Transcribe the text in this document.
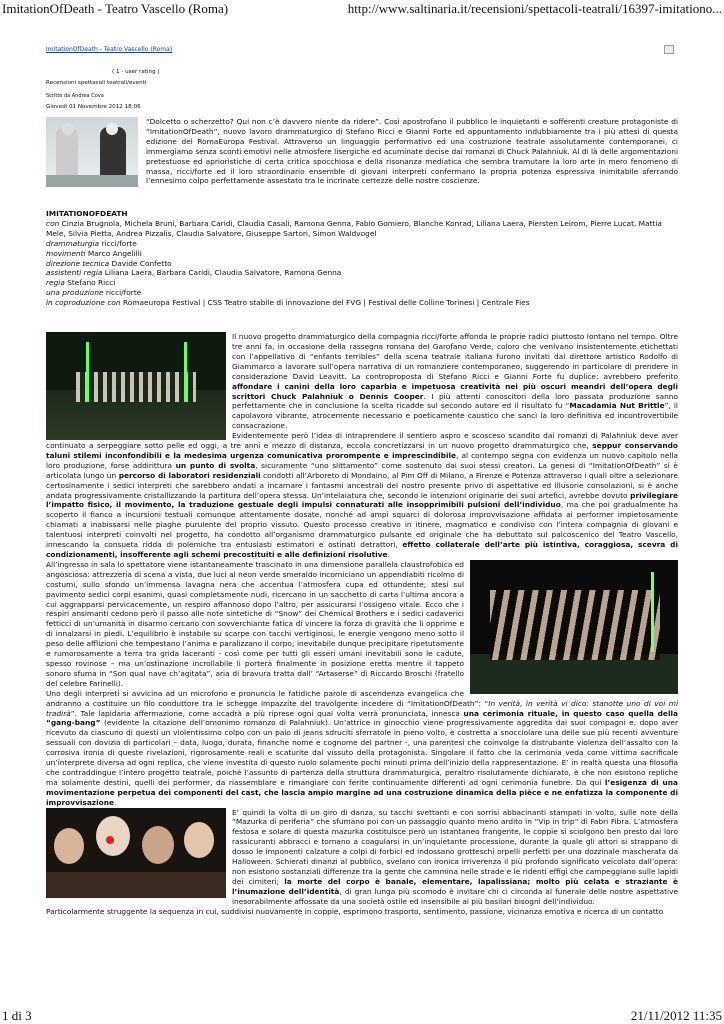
ImitationOfDeath - Teatro Vascello (Roma)	http://www.saltinaria.it/recensioni/spettacoli-teatrali/16397-imitationo...
ImitationOfDeath - Teatro Vascello (Roma)
( 1 - user rating )
Recensioni spettacoli teatrali/eventi
Scritto da Andrea Cova
Giovedì 01 Novembre 2012 18:06

“Dolcetto o scherzetto? Qui non c’è davvero niente da ridere”. Così apostrofano il pubblico le inquietanti e sofferenti creature protagoniste di “ImitationOfDeath”, nuovo lavoro drammaturgico di Stefano Ricci e Gianni Forte ed appuntamento indubbiamente tra i più attesi di questa edizione del RomaEuropa Festival. Attraverso un linguaggio performativo ed una costruzione teatrale assolutamente contemporanei, ci immergiamo senza sconti emotivi nelle atmosfere lisergiche ed acuminate decise dai romanzi di Chuck Palahniuk. Al di là delle argomentazioni pretestuose ed apriorìstiche di certa critica spocchiosa e della risonanza mediatica che sembra tramutare la loro arte in mero fenomeno di massa, ricci/forte ed il loro straordinario ensemble di giovani interpreti confermano la propria potenza espressiva inimitabile sferrando l’ennesimo colpo perfettamente assestato tra le incrinate certezze delle nostre coscienze.

IMITATIONOFDEATH

con Cinzia Brugnola, Michela Bruni, Barbara Caridi, Claudia Casali, Ramona Genna, Fabio Gomiero, Blanche Konrad, Liliana Laera, Piersten Leirom, Pierre Lucat, Mattia Mele, Silvia Pietta, Andrea Pizzalis, Claudia Salvatore, Giuseppe Sartori, Simon Waldvogel

drammaturgia ricci/forte

movimenti Marco Angelilli

direzione tecnica Davide Confetto

assistenti regia Liliana Laera, Barbara Caridi, Claudia Salvatore, Ramona Genna

regia Stefano Ricci

una produzione ricci/forte

in coproduzione con Romaeuropa Festival | CSS Teatro stabile di innovazione del FVG | Festival delle Colline Torinesi | Centrale Fies

Il nuovo progetto drammaturgico della compagnia ricci/forte affonda le proprie radici piuttosto lontano nel tempo. Oltre tre anni fa, in occasione della rassegna romana del Garofano Verde, coloro che venivano insistentemente etichettati con l’appellativo di “enfants terribles” della scena teatrale italiana furono invitati dal direttore artistico Rodolfo di Giammarco a lavorare sull’opera narrativa di un romanziere contemporaneo, suggerendo in particolare di prendere in considerazione David Leavitt. La controproposta di Stefano Ricci e Gianni Forte fu duplice: avrebbero preferito affondare i canini della loro caparbia e impetuosa creatività nei più oscuri meandri dell’opera degli scrittori Chuck Palahniuk o Dennis Cooper. I più attenti conoscitori della loro passata produzione sanno perfettamente che in conclusione la scelta ricadde sul secondo autore ed il risultato fu “Macadamia Nut Brittle”, il capolavoro vibrante, atrocemente necessario e poeticamente caustico che sancì la loro definitiva ed incontrovertibile consacrazione.

Evidentemente però l’idea di intraprendere il sentiero aspro e scosceso scandito dai romanzi di Palahniuk deve aver continuato a serpeggiare sotto pelle ed oggi, a tre anni e mezzo di distanza, eccola concretizzarsi in un nuovo progetto drammaturgico che, seppur conservando taluni stilemi inconfondibili e la medesima urgenza comunicativa prorompente e imprescindibile, al contempo segna con evidenza un nuovo capitolo nella loro produzione, forse addirittura un punto di svolta, sicuramente “uno slittamento” come sostenuto dai suoi stessi creatori. La genesi di “ImitationOfDeath” si è articolata lungo un percorso di laboratori residenziali condotti all’Arboreto di Mondaino, al Pim Off di Milano, a Firenze e Potenza attraverso i quali oltre a selezionare certosinamente i sedici interpreti che sarebbero andati a incarnare i fantasmi ancestrali del nostro presente privo di aspettative ed illusorie consolazioni, si è anche andata progressivamente cristallizzando la partitura dell’opera stessa. Un’intelaiatura che, secondo le intenzioni originarie dei suoi artefici, avrebbe dovuto privilegiare l’impatto fisico, il movimento, la traduzione gestuale degli impulsi connaturati alle insopprimibili pulsioni dell’individuo, ma che poi gradualmente ha scoperto il fianco a incursioni testuali comunque attentamente dosate, nonché ad ampi squarci di dolorosa improvvisazione affidata ai performer impietosamente chiamati a inabissarsi nelle piaghe purulente del proprio vissuto. Questo processo creativo in itinere, magmatico e condiviso con l’intera compagnia di giovani e talentuosi interpreti coinvolti nel progetto, ha condotto all’organismo drammaturgico pulsante ed originale che ha debuttato sul palcoscenico del Teatro Vascello, innescando la consueta ridda di polemiche tra entusiasti estimatori e ostinati detrattori, effetto collaterale dell’arte più istintiva, coraggiosa, scevra di condizionamenti, insofferente agli schemi precostituiti e alle definizioni risolutive.

All’ingresso in sala lo spettatore viene istantaneamente trascinato in una dimensione parallela claustrofobica ed angosciosa: attrezzeria di scena a vista, due luci al neon verde smeraldo incorniciano un appendiabiti ricolmo di costumi, sullo sfondo un’immensa lavagna nera che accentua l’atmosfera cupa ed ottundente; stesi sul pavimento sedici corpi esanimi, quasi completamente nudi, ricercano in un sacchetto di carta l’ultima ancora a cui aggrapparsi pervicacemente, un respiro affannoso dopo l’altro, per assicurarsi l’ossigeno vitale. Ecco che i respiri ansimanti cedono però il passo alle note sintetiche di “Snow” dei Chemical Brothers e i sedici cadaverici fetticci di un’umanità in disarmo cercano con sovverchiante fatica di vincere la forza di gravità che li opprime e di innalzarsi in piedi. L’equilibrio è instabile su scarpe con tacchi vertiginosi, le energie vengono meno sotto il peso delle afflizioni che tempestano l’anima e paralizzano il corpo; inevitabile dunque precipitare ripetutamente e rumorosamente a terra tra grida laceranti - così come per tutti gli esseri umani inevitabili sono le cadute, spesso rovinose – ma un’ostinazione incrollabile li porterà finalmente in posizione eretta mentre il tappeto sonoro sfuma in “Son qual nave ch’agitata”, aria di bravura tratta dall’ “Artaserse” di Riccardo Broschi (fratello del celebre Farinelli).

Uno degli interpreti si avvicina ad un microfono e pronuncia le fatidiche parole di ascendenza evangelica che andranno a costituire un filo conduttore tra le schegge impazzite del travolgente incedere di “ImitationOfDeath”: “In verità, in verità vi dico: stanotte uno di voi mi tradirà”. Tale lapidaria affermazione, come accadrà a più riprese ogni qual volta verrà pronunciata, innesca una cerimonia rituale, in questo caso quella della “gang-bang” (evidente la citazione dell’omonimo romanzo di Palahniuk). Un’attrice in ginocchio viene progressivamente aggredita dai suoi compagni e, dopo aver ricevuto da ciascuno di questi un violentissimo colpo con un paio di jeans sdruciti sferratole in pieno volto, è costretta a snocciolare una delle sue più recenti avventure sessuali con dovizia di particolari – data, luogo, durata, finanche nome e cognome del partner -, una parentesi che coinvolge la distrubante violenza dell’assalto con la corrosiva ironia di queste rivelazioni, rigorosamente reali e scaturite dal vissuto della protagonista. Singolare il fatto che la cerimonia veda come vittima sacrificale un’interprete diversa ad ogni replica, che viene investita di questo ruolo solamente pochi minuti prima dell’inizio della rappresentazione. E’ in realtà questa una filosofia che contraddingue l’intero progetto teatrale, poiché l’assunto di partenza della struttura drammaturgica, peraltro risolutamente dichiarato, è che non esistono repliche ma solamente destini, quelli dei performer, da riassemblare e rimangiare con ferite continuamente differenti ad ogni cerimonia funebre. Da qui l’esigenza di una movimentazione perpetua dei componenti del cast, che lascia ampio margine ad una costruzione dinamica della pièce e ne enfatizza la componente di improvvisazione.

E’ quindi la volta di un giro di danza, su tacchi svettanti e con sorrisi abbacinanti stampati in volto, sulle note della “Mazurka di periferia” che sfumano poi con un passaggio quanto meno ardito in “Vip in trip” di Fabri Fibra. L’atmosfera festosa e solare di questa mazurka costituisce però un istantaneo frangente, le coppie si sciolgono ben presto dai loro rassicuranti abbracci e tornano a coagularsi in un’inquietante processione, durante la quale gli attori si strappano di dosso le imponenti calzature a colpi di forbici ed indossano grotteschi orpelli perfetti per una dozzinale mascherata da Halloween. Schierati dinanzi al pubblico, svelano con ironica irriverenza il più profondo significato veicolato dall’opera: non esistono sostanziali differenze tra la gente che cammina nelle strade e le ridenti effigi che campeggiano sulle lapidi dei cimiteri; la morte del corpo è banale, elementare, lapalissiana; molto più celata e straziante è l’inumazione dell’identità, di gran lunga più scomodo è invitare chi ci circonda al funerale delle nostre aspettative inesorabilmente affossate da una società ostile ed insensibile ai più basilari bisogni dell’individuo.

Particolarmente struggente la sequenza in cui, suddivisi nuovamente in coppie, esprimono trasporto, sentimento, passione, vicinanza emotiva e ricerca di un contatto

1 di 3	21/11/2012 11:35
